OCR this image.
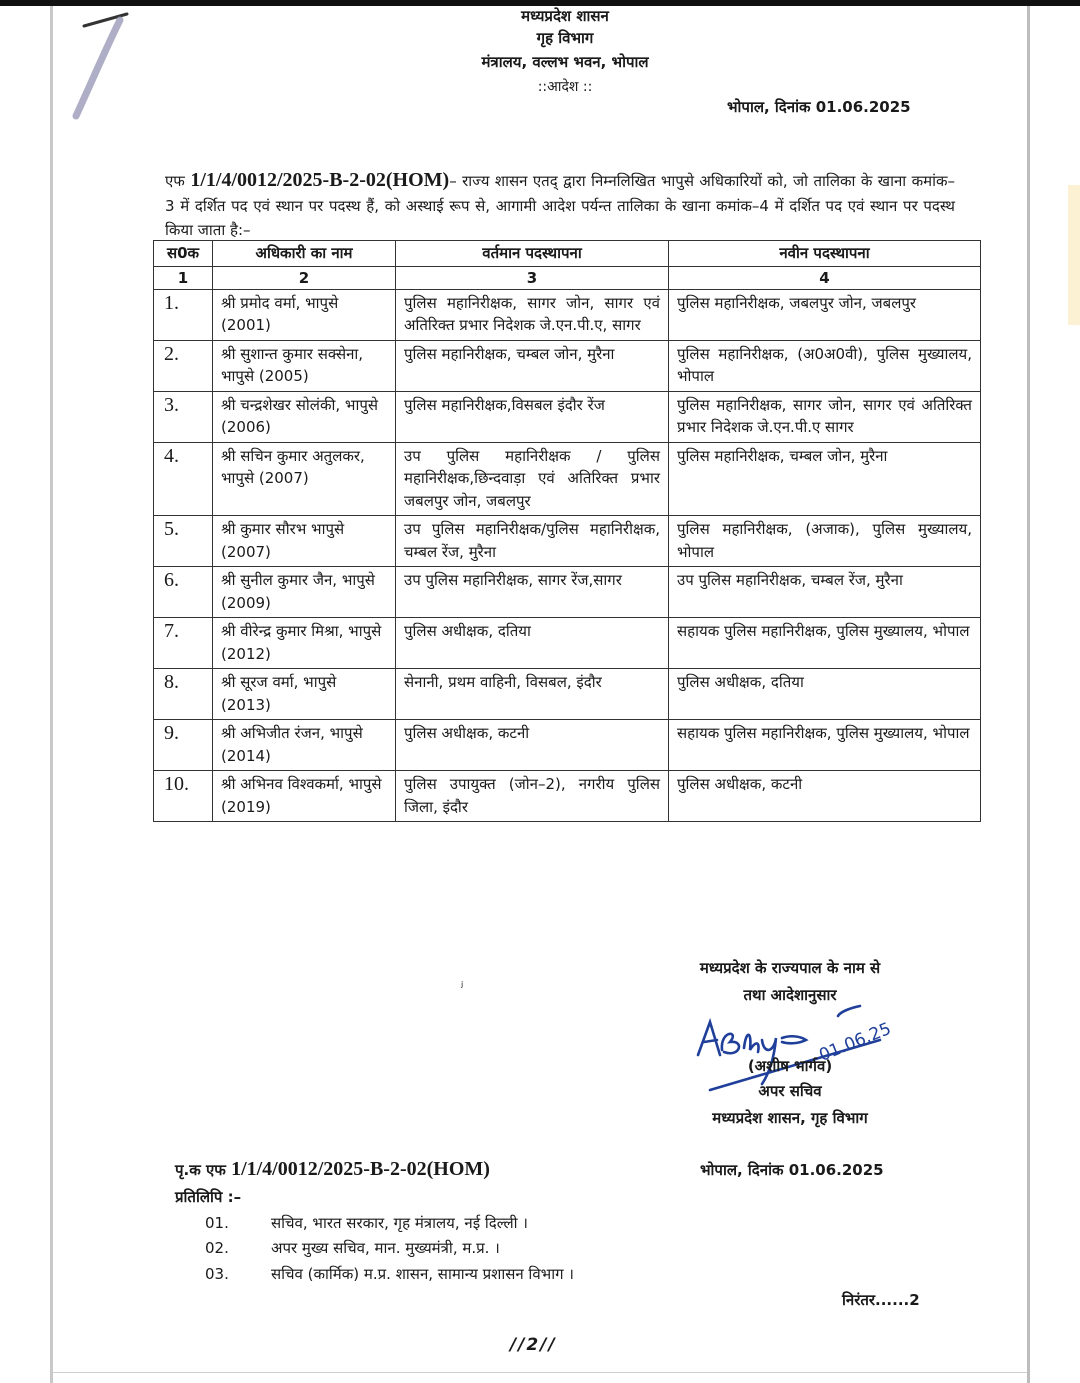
मध्यप्रदेश शासन
गृह विभाग
मंत्रालय, वल्लभ भवन, भोपाल
::आदेश ::
भोपाल, दिनांक 01.06.2025
एफ 1/1/4/0012/2025-B-2-02(HOM)– राज्य शासन एतद् द्वारा निम्नलिखित भापुसे अधिकारियों को, जो तालिका के खाना कमांक–3 में दर्शित पद एवं स्थान पर पदस्थ हैं, को अस्थाई रूप से, आगामी आदेश पर्यन्त तालिका के खाना कमांक–4 में दर्शित पद एवं स्थान पर पदस्थ किया जाता है:–
स0क	अधिकारी का नाम	वर्तमान पदस्थापना	नवीन पदस्थापना
1	2	3	4
1.	श्री प्रमोद वर्मा, भापुसे (2001)	पुलिस महानिरीक्षक, सागर जोन, सागर एवं अतिरिक्त प्रभार निदेशक जे.एन.पी.ए, सागर	पुलिस महानिरीक्षक, जबलपुर जोन, जबलपुर
2.	श्री सुशान्त कुमार सक्सेना, भापुसे (2005)	पुलिस महानिरीक्षक, चम्बल जोन, मुरैना	पुलिस महानिरीक्षक, (अ0अ0वी), पुलिस मुख्यालय, भोपाल
3.	श्री चन्द्रशेखर सोलंकी, भापुसे (2006)	पुलिस महानिरीक्षक,विसबल इंदौर रेंज	पुलिस महानिरीक्षक, सागर जोन, सागर एवं अतिरिक्त प्रभार निदेशक जे.एन.पी.ए सागर
4.	श्री सचिन कुमार अतुलकर, भापुसे (2007)	उप पुलिस महानिरीक्षक / पुलिस महानिरीक्षक,छिन्दवाड़ा एवं अतिरिक्त प्रभार जबलपुर जोन, जबलपुर	पुलिस महानिरीक्षक, चम्बल जोन, मुरैना
5.	श्री कुमार सौरभ भापुसे (2007)	उप पुलिस महानिरीक्षक/पुलिस महानिरीक्षक, चम्बल रेंज, मुरैना	पुलिस महानिरीक्षक, (अजाक), पुलिस मुख्यालय, भोपाल
6.	श्री सुनील कुमार जैन, भापुसे (2009)	उप पुलिस महानिरीक्षक, सागर रेंज,सागर	उप पुलिस महानिरीक्षक, चम्बल रेंज, मुरैना
7.	श्री वीरेन्द्र कुमार मिश्रा, भापुसे (2012)	पुलिस अधीक्षक, दतिया	सहायक पुलिस महानिरीक्षक, पुलिस मुख्यालय, भोपाल
8.	श्री सूरज वर्मा, भापुसे (2013)	सेनानी, प्रथम वाहिनी, विसबल, इंदौर	पुलिस अधीक्षक, दतिया
9.	श्री अभिजीत रंजन, भापुसे (2014)	पुलिस अधीक्षक, कटनी	सहायक पुलिस महानिरीक्षक, पुलिस मुख्यालय, भोपाल
10.	श्री अभिनव विश्वकर्मा, भापुसे (2019)	पुलिस उपायुक्त (जोन–2), नगरीय पुलिस जिला, इंदौर	पुलिस अधीक्षक, कटनी
ʲ
मध्यप्रदेश के राज्यपाल के नाम से
तथा आदेशानुसार
01.06.25
(अशीष भार्गव)
अपर सचिव
मध्यप्रदेश शासन, गृह विभाग
पृ.क एफ 1/1/4/0012/2025-B-2-02(HOM)	भोपाल, दिनांक 01.06.2025
प्रतिलिपि :–
01.	सचिव, भारत सरकार, गृह मंत्रालय, नई दिल्ली ।
02.	अपर मुख्य सचिव, मान. मुख्यमंत्री, म.प्र. ।
03.	सचिव (कार्मिक) म.प्र. शासन, सामान्य प्रशासन विभाग ।
निरंतर......2
//2//
